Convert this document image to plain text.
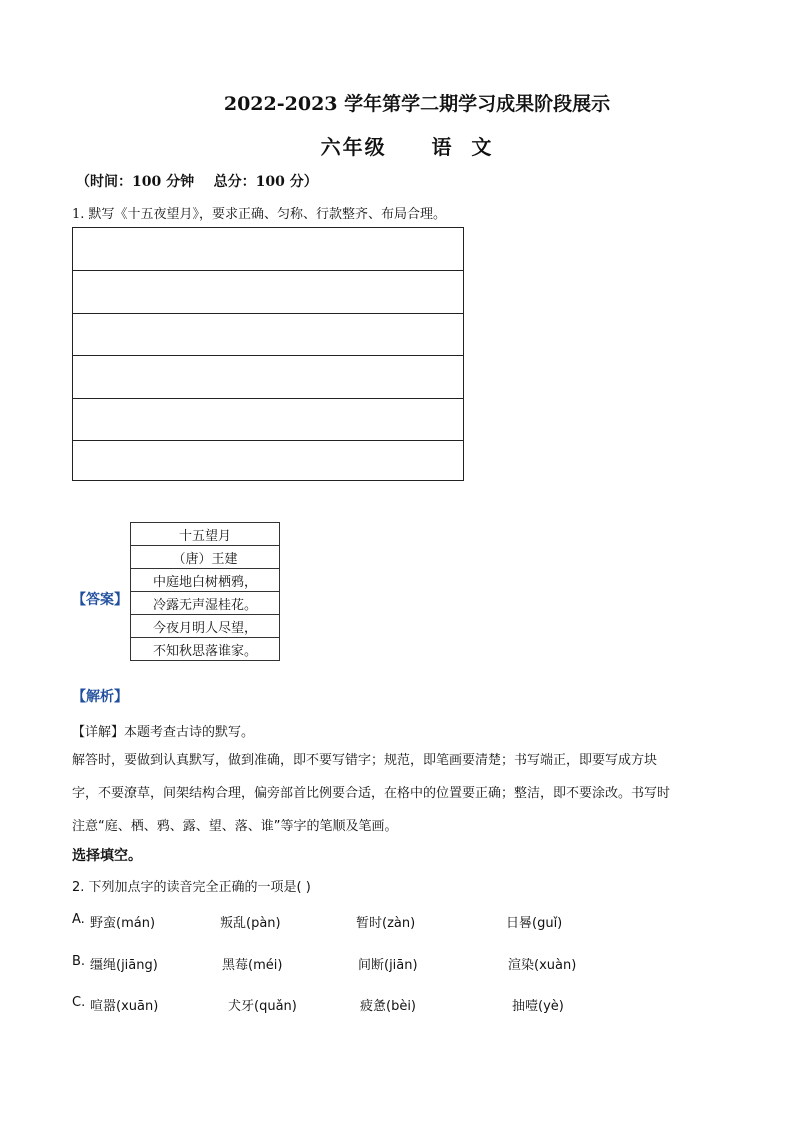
2022-2023 学年第学二期学习成果阶段展示
六年级     语  文
（时间：100 分钟    总分：100 分）
1. 默写《十五夜望月》，要求正确、匀称、行款整齐、布局合理。
【答案】
十五望月
（唐）王建
中庭地白树栖鸦，
冷露无声湿桂花。
今夜月明人尽望，
不知秋思落谁家。
【解析】
【详解】本题考查古诗的默写。
解答时，要做到认真默写，做到准确，即不要写错字；规范，即笔画要清楚；书写端正，即要写成方块
字，不要潦草，间架结构合理，偏旁部首比例要合适，在格中的位置要正确；整洁，即不要涂改。书写时
注意“庭、栖、鸦、露、望、落、谁”等字的笔顺及笔画。
选择填空。
2. 下列加点字的读音完全正确的一项是( )
A. 野蛮(mán)	叛乱(pàn)	暂时(zàn)	日晷(guǐ)
B. 缰绳(jiāng)	黑莓(méi)	间断(jiān)	渲染(xuàn)
C. 喧嚣(xuān)	犬牙(quǎn)	疲惫(bèi)	抽噎(yè)
